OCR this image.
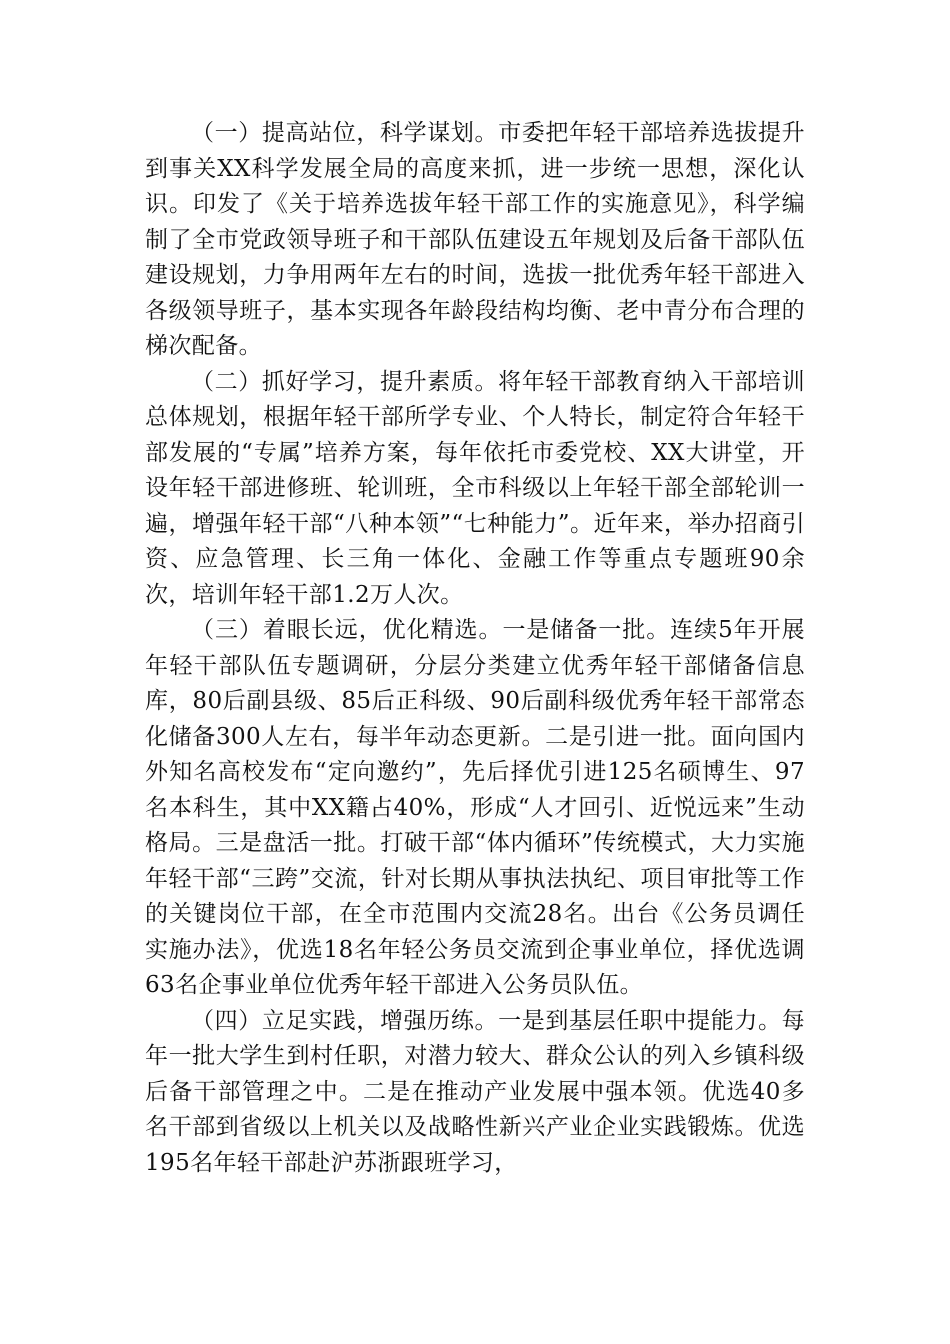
（一）提高站位，科学谋划。市委把年轻干部培养选拔提升到事关XX科学发展全局的高度来抓，进一步统一思想，深化认识。印发了《关于培养选拔年轻干部工作的实施意见》，科学编制了全市党政领导班子和干部队伍建设五年规划及后备干部队伍建设规划，力争用两年左右的时间，选拔一批优秀年轻干部进入各级领导班子，基本实现各年龄段结构均衡、老中青分布合理的梯次配备。

（二）抓好学习，提升素质。将年轻干部教育纳入干部培训总体规划，根据年轻干部所学专业、个人特长，制定符合年轻干部发展的“专属”培养方案，每年依托市委党校、XX大讲堂，开设年轻干部进修班、轮训班，全市科级以上年轻干部全部轮训一遍，增强年轻干部“八种本领”“七种能力”。近年来，举办招商引资、应急管理、长三角一体化、金融工作等重点专题班90余次，培训年轻干部1.2万人次。

（三）着眼长远，优化精选。一是储备一批。连续5年开展年轻干部队伍专题调研，分层分类建立优秀年轻干部储备信息库，80后副县级、85后正科级、90后副科级优秀年轻干部常态化储备300人左右，每半年动态更新。二是引进一批。面向国内外知名高校发布“定向邀约”，先后择优引进125名硕博生、97名本科生，其中XX籍占40%，形成“人才回引、近悦远来”生动格局。三是盘活一批。打破干部“体内循环”传统模式，大力实施年轻干部“三跨”交流，针对长期从事执法执纪、项目审批等工作的关键岗位干部，在全市范围内交流28名。出台《公务员调任实施办法》，优选18名年轻公务员交流到企事业单位，择优选调63名企事业单位优秀年轻干部进入公务员队伍。

（四）立足实践，增强历练。一是到基层任职中提能力。每年一批大学生到村任职，对潜力较大、群众公认的列入乡镇科级后备干部管理之中。二是在推动产业发展中强本领。优选40多名干部到省级以上机关以及战略性新兴产业企业实践锻炼。优选195名年轻干部赴沪苏浙跟班学习，
